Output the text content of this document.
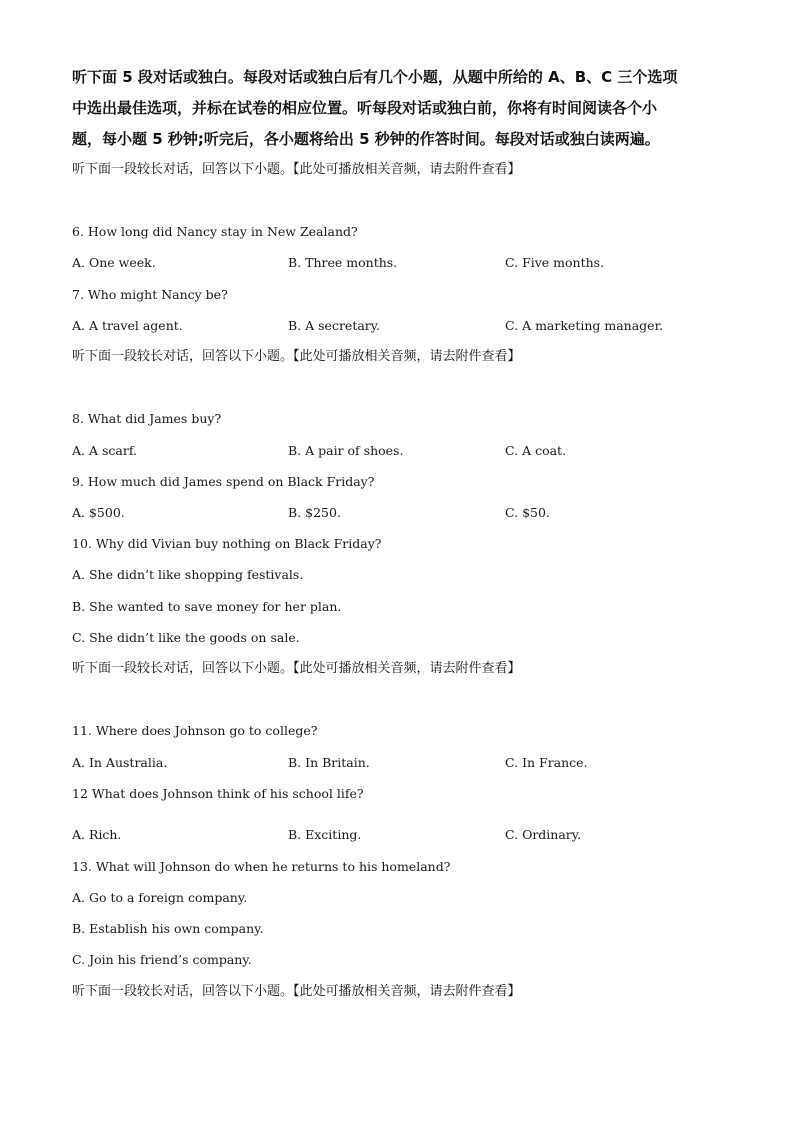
听下面 5 段对话或独白。每段对话或独白后有几个小题，从题中所给的 A、B、C 三个选项
中选出最佳选项，并标在试卷的相应位置。听每段对话或独白前，你将有时间阅读各个小
题，每小题 5 秒钟;听完后，各小题将给出 5 秒钟的作答时间。每段对话或独白读两遍。
听下面一段较长对话，回答以下小题。【此处可播放相关音频，请去附件查看】
6. How long did Nancy stay in New Zealand?
A. One week.	B. Three months.	C. Five months.
7. Who might Nancy be?
A. A travel agent.	B. A secretary.	C. A marketing manager.
听下面一段较长对话，回答以下小题。【此处可播放相关音频，请去附件查看】
8. What did James buy?
A. A scarf.	B. A pair of shoes.	C. A coat.
9. How much did James spend on Black Friday?
A. $500.	B. $250.	C. $50.
10. Why did Vivian buy nothing on Black Friday?
A. She didn’t like shopping festivals.
B. She wanted to save money for her plan.
C. She didn’t like the goods on sale.
听下面一段较长对话，回答以下小题。【此处可播放相关音频，请去附件查看】
11. Where does Johnson go to college?
A. In Australia.	B. In Britain.	C. In France.
12 What does Johnson think of his school life?
A. Rich.	B. Exciting.	C. Ordinary.
13. What will Johnson do when he returns to his homeland?
A. Go to a foreign company.
B. Establish his own company.
C. Join his friend’s company.
听下面一段较长对话，回答以下小题。【此处可播放相关音频，请去附件查看】
